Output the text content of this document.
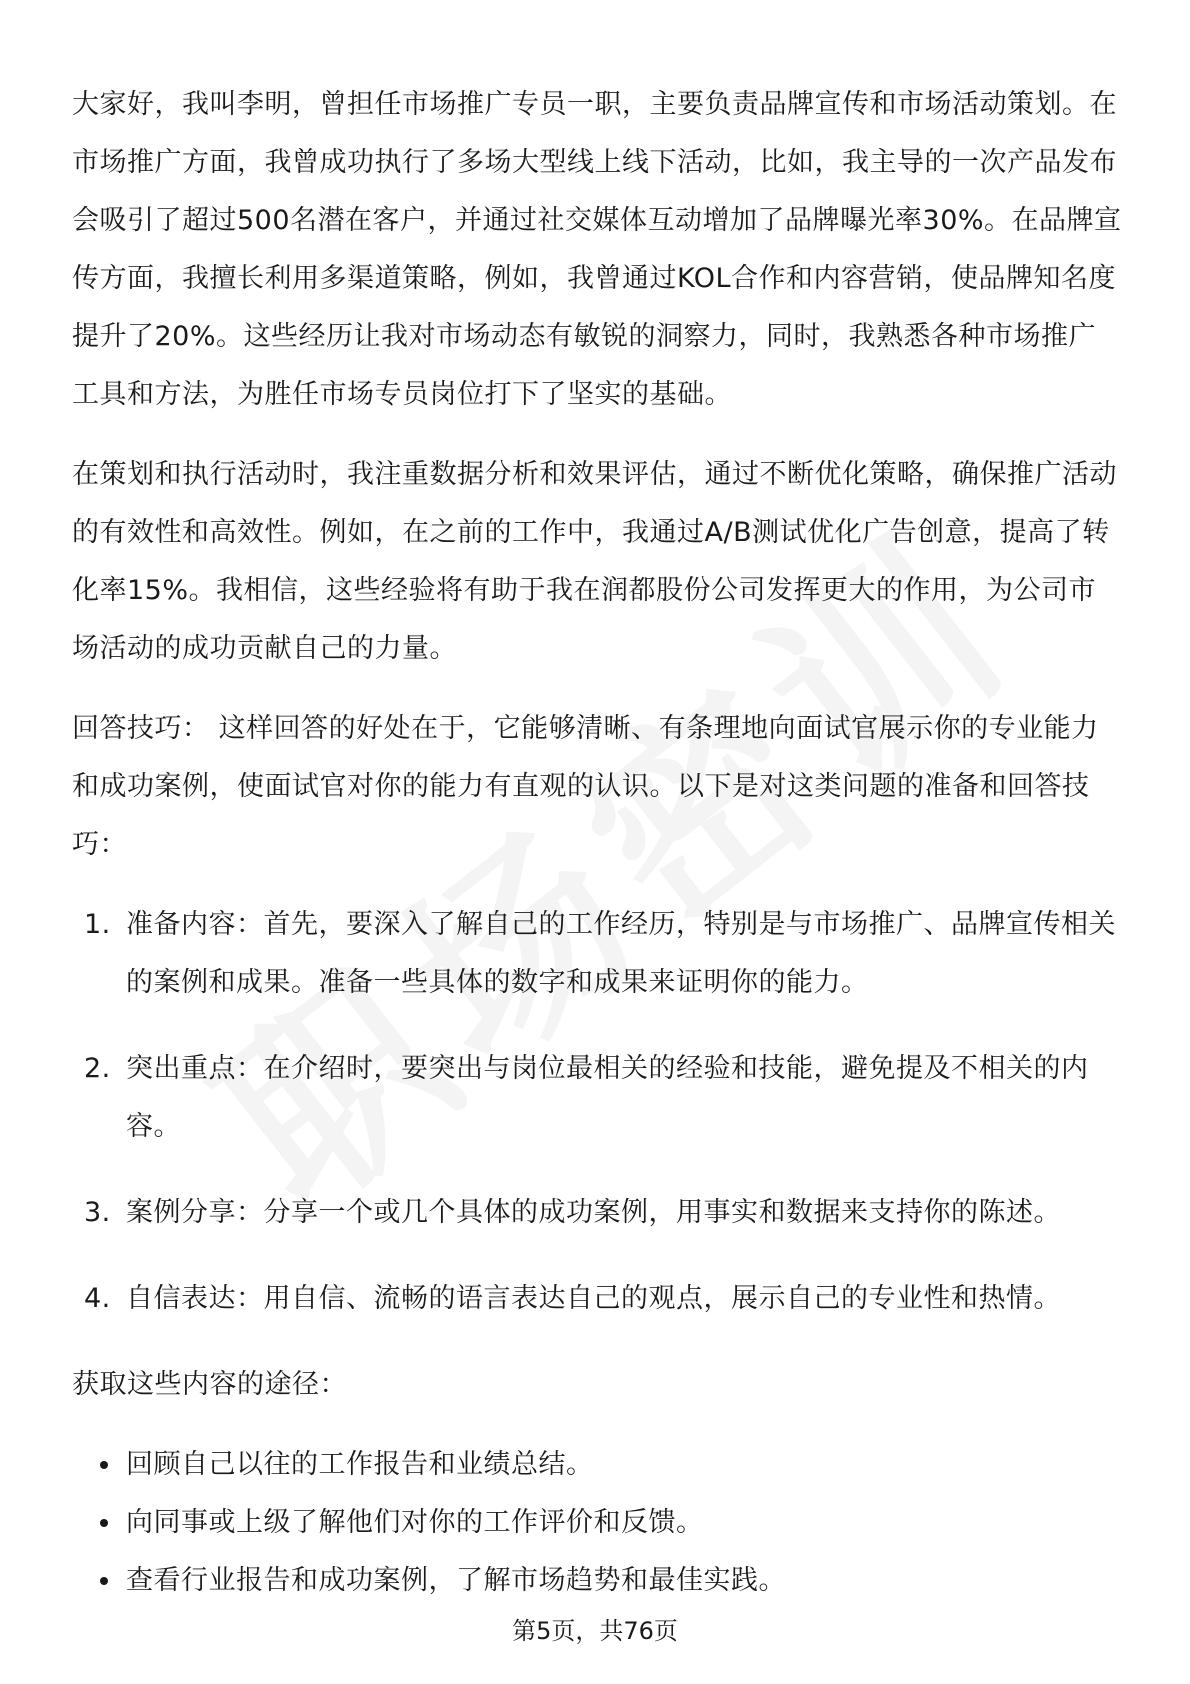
大家好，我叫李明，曾担任市场推广专员一职，主要负责品牌宣传和市场活动策划。在市场推广方面，我曾成功执行了多场大型线上线下活动，比如，我主导的一次产品发布会吸引了超过500名潜在客户，并通过社交媒体互动增加了品牌曝光率30%。在品牌宣传方面，我擅长利用多渠道策略，例如，我曾通过KOL合作和内容营销，使品牌知名度提升了20%。这些经历让我对市场动态有敏锐的洞察力，同时，我熟悉各种市场推广工具和方法，为胜任市场专员岗位打下了坚实的基础。

在策划和执行活动时，我注重数据分析和效果评估，通过不断优化策略，确保推广活动的有效性和高效性。例如，在之前的工作中，我通过A/B测试优化广告创意，提高了转化率15%。我相信，这些经验将有助于我在润都股份公司发挥更大的作用，为公司市场活动的成功贡献自己的力量。

回答技巧： 这样回答的好处在于，它能够清晰、有条理地向面试官展示你的专业能力和成功案例，使面试官对你的能力有直观的认识。以下是对这类问题的准备和回答技巧：

1. 准备内容：首先，要深入了解自己的工作经历，特别是与市场推广、品牌宣传相关的案例和成果。准备一些具体的数字和成果来证明你的能力。
2. 突出重点：在介绍时，要突出与岗位最相关的经验和技能，避免提及不相关的内容。
3. 案例分享：分享一个或几个具体的成功案例，用事实和数据来支持你的陈述。
4. 自信表达：用自信、流畅的语言表达自己的观点，展示自己的专业性和热情。

获取这些内容的途径：

回顾自己以往的工作报告和业绩总结。
向同事或上级了解他们对你的工作评价和反馈。
查看行业报告和成功案例，了解市场趋势和最佳实践。
第5页，共76页
